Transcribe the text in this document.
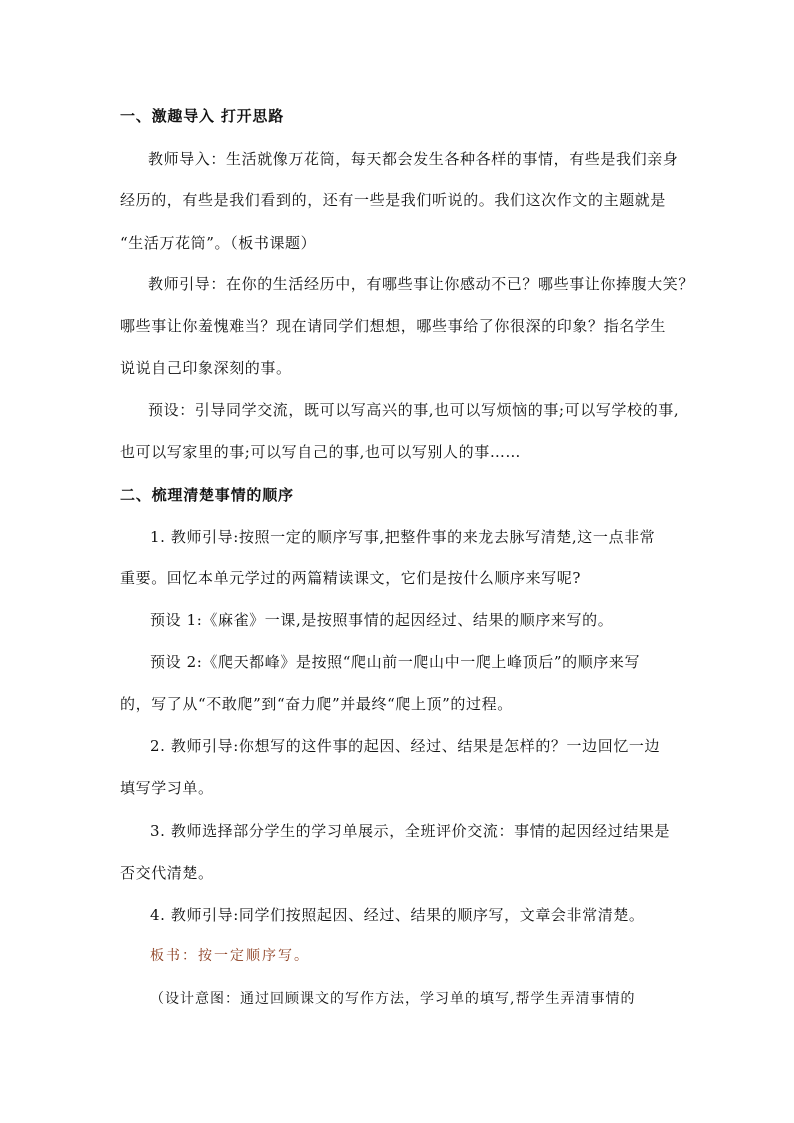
一、激趣导入 打开思路
教师导入：生活就像万花筒，每天都会发生各种各样的事情，有些是我们亲身
经历的，有些是我们看到的，还有一些是我们听说的。我们这次作文的主题就是
“生活万花筒”。（板书课题）
教师引导：在你的生活经历中，有哪些事让你感动不已？哪些事让你捧腹大笑？
哪些事让你羞愧难当？现在请同学们想想，哪些事给了你很深的印象？指名学生
说说自己印象深刻的事。
预设：引导同学交流，既可以写高兴的事,也可以写烦恼的事;可以写学校的事,
也可以写家里的事;可以写自己的事,也可以写别人的事……
二、梳理清楚事情的顺序
1. 教师引导:按照一定的顺序写事,把整件事的来龙去脉写清楚,这一点非常
重要。回忆本单元学过的两篇精读课文，它们是按什么顺序来写呢?
预设 1:《麻雀》一课,是按照事情的起因经过、结果的顺序来写的。
预设 2:《爬天都峰》是按照“爬山前一爬山中一爬上峰顶后”的顺序来写
的，写了从“不敢爬”到“奋力爬”并最终“爬上顶”的过程。
2. 教师引导:你想写的这件事的起因、经过、结果是怎样的？一边回忆一边
填写学习单。
3. 教师选择部分学生的学习单展示，全班评价交流：事情的起因经过结果是
否交代清楚。
4. 教师引导:同学们按照起因、经过、结果的顺序写，文章会非常清楚。
板书：按一定顺序写。
（设计意图：通过回顾课文的写作方法，学习单的填写,帮学生弄清事情的
